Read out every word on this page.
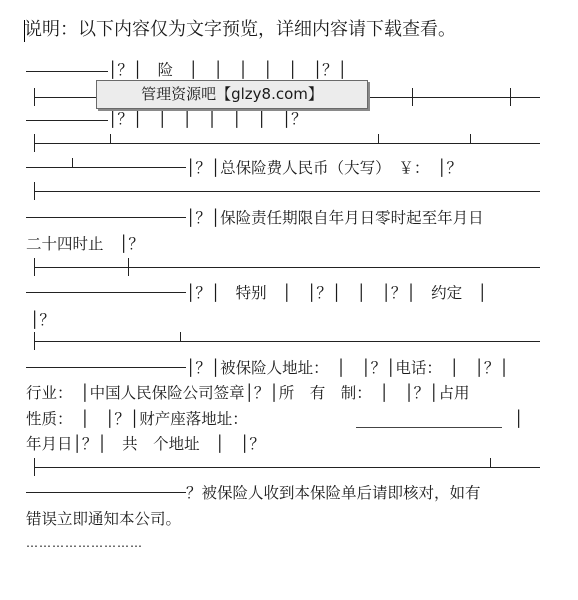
说明：以下内容仅为文字预览，详细内容请下载查看。
│？│　险　│　│　│　│　│　│？│
│？│　│　│　│　│　│　│？
│？│总保险费人民币（大写）　￥：　│？
│？│保险责任期限自年月日零时起至年月日
二十四时止　│？
│？│　特别　│　│？│　│　│？│　约定　│
│？
│？│被保险人地址：　│　│？│电话：　│　│？│
行业：　│中国人民保险公司签章│？│所　有　制：　│　│？│占用
性质：　│　│？│财产座落地址：	│
年月日│？│　共　个地址　│　│？
？被保险人收到本保险单后请即核对，如有
错误立即通知本公司。
………………………
管理资源吧【glzy8.com】
